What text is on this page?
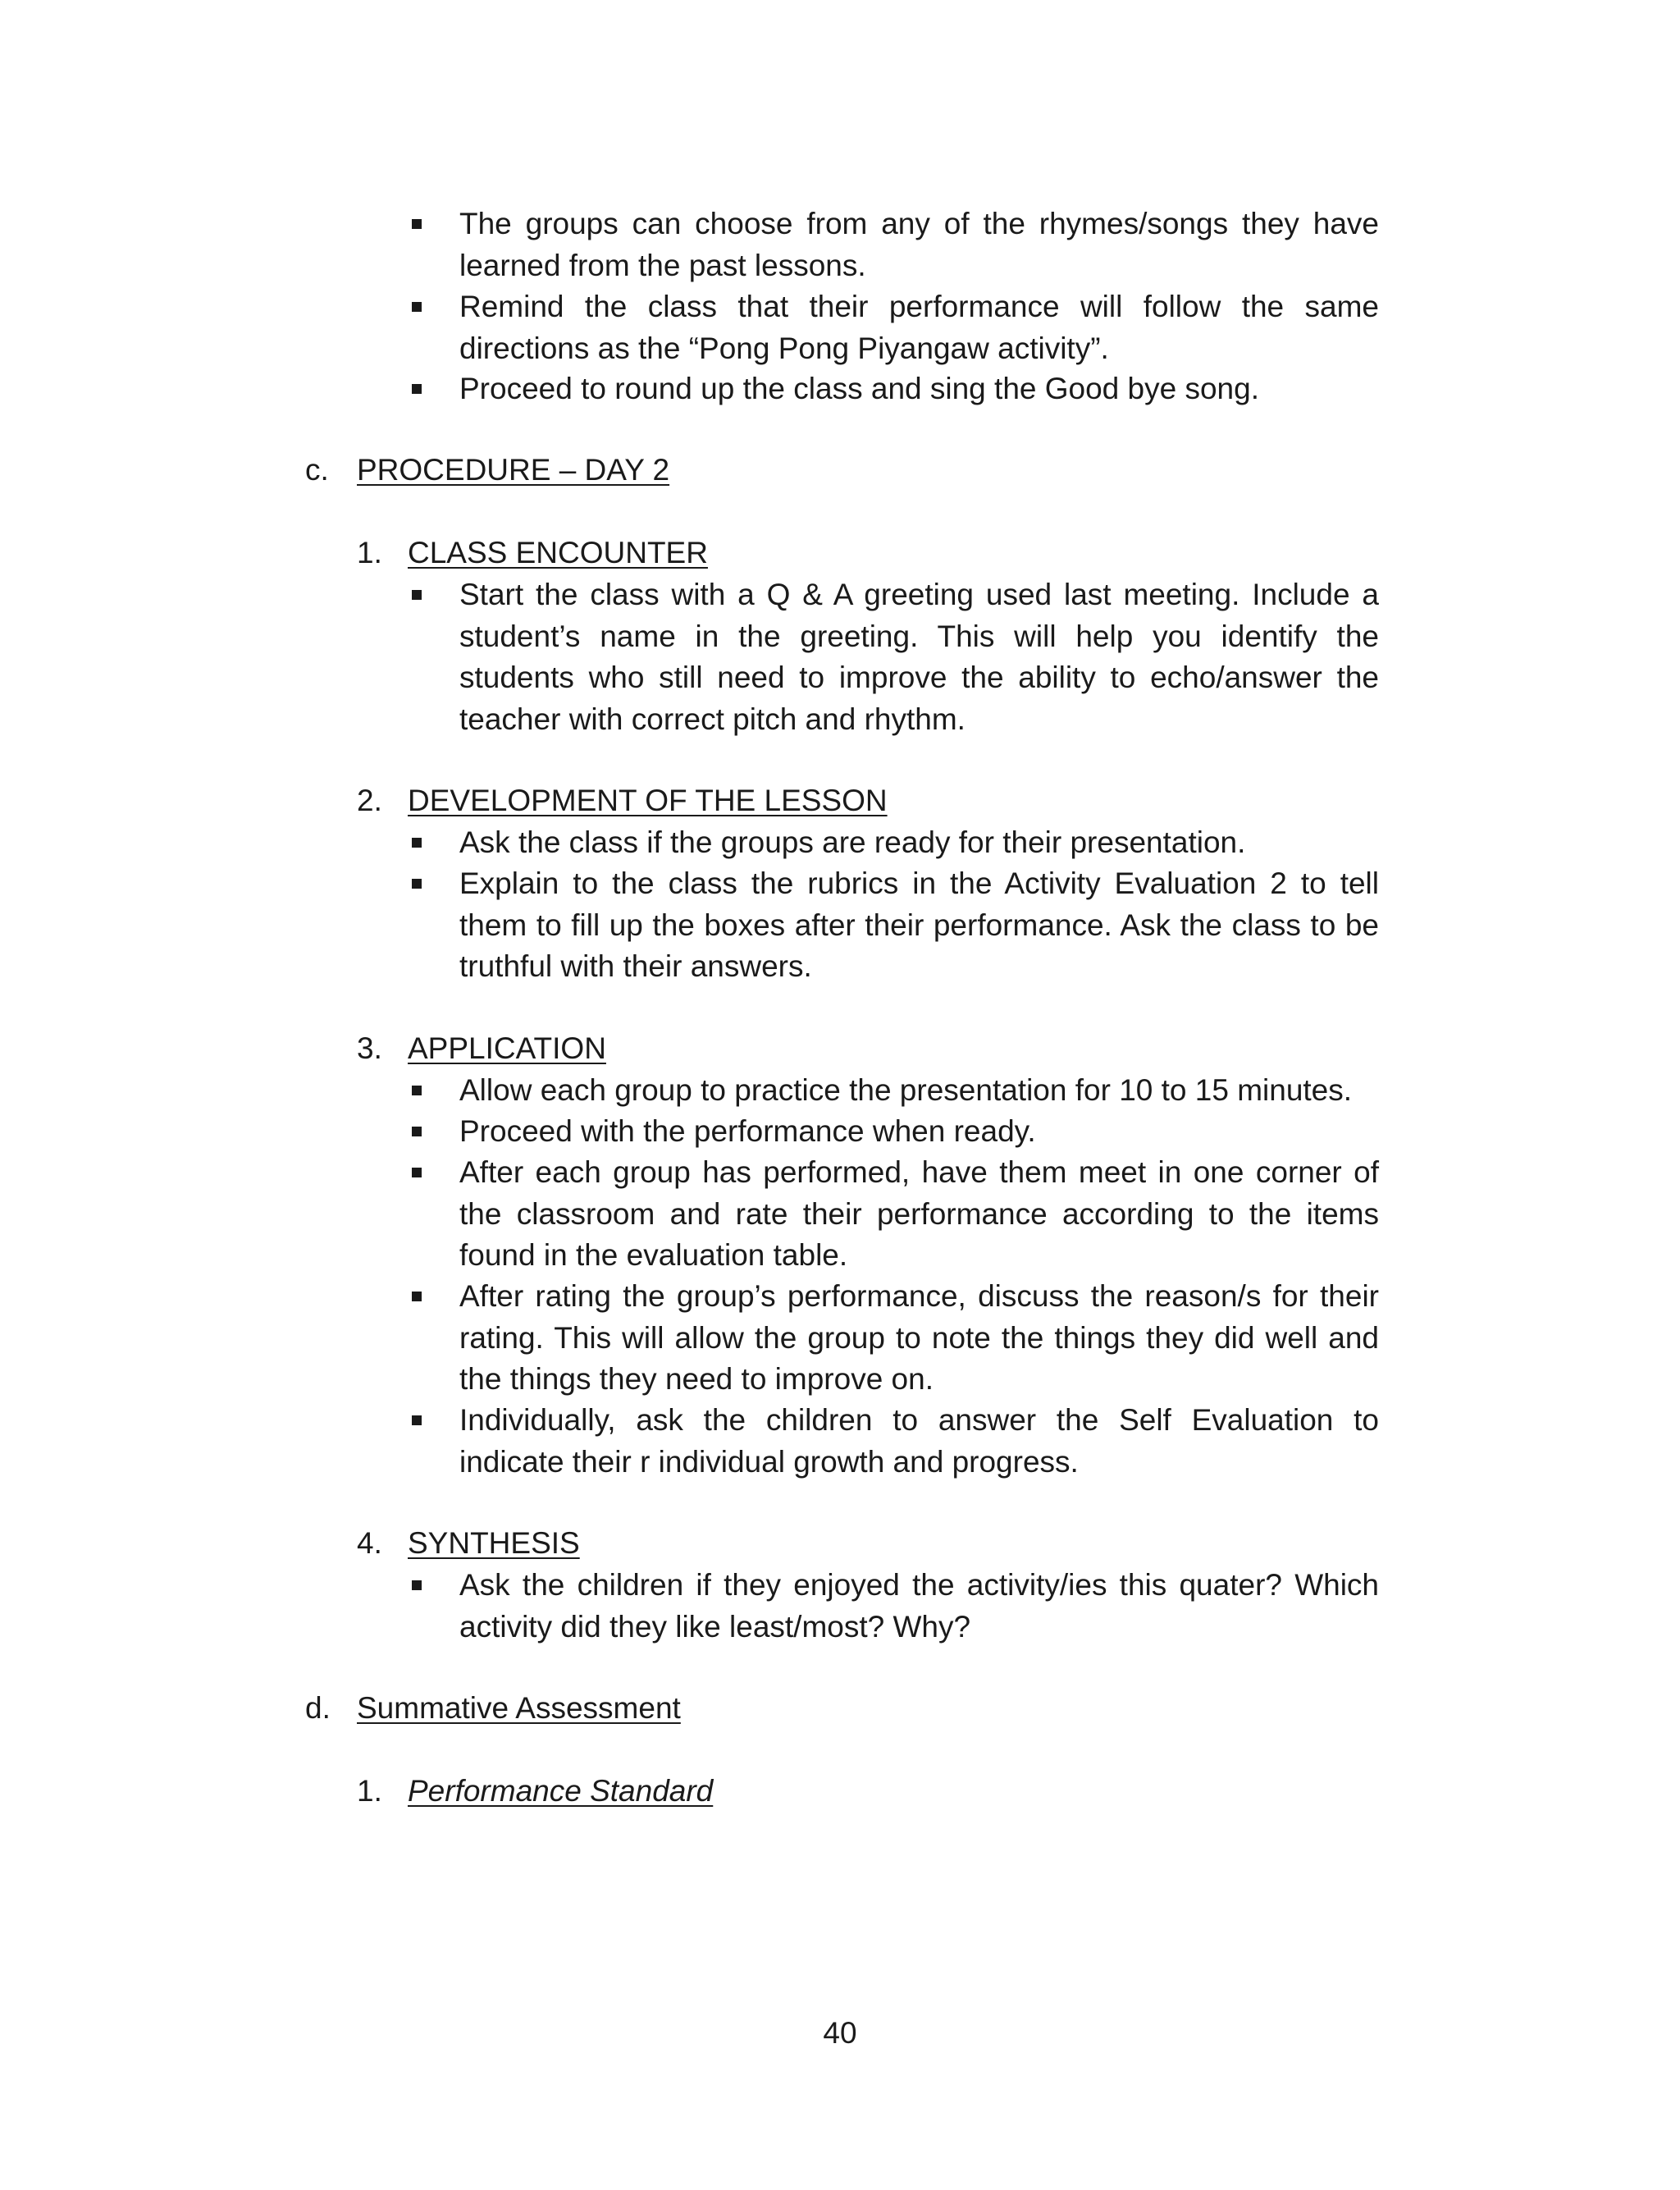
The groups can choose from any of the rhymes/songs they have learned from the past lessons.
Remind the class that their performance will follow the same directions as the “Pong Pong Piyangaw activity”.
Proceed to round up the class and sing the Good bye song.
c. PROCEDURE – DAY 2
1. CLASS ENCOUNTER
Start the class with a Q & A greeting used last meeting. Include a student’s name in the greeting. This will help you identify the students who still need to improve the ability to echo/answer the teacher with correct pitch and rhythm.
2. DEVELOPMENT OF THE LESSON
Ask the class if the groups are ready for their presentation.
Explain to the class the rubrics in the Activity Evaluation 2 to tell them to fill up the boxes after their performance. Ask the class to be truthful with their answers.
3. APPLICATION
Allow each group to practice the presentation for 10 to 15 minutes.
Proceed with the performance when ready.
After each group has performed, have them meet in one corner of the classroom and rate their performance according to the items found in the evaluation table.
After rating the group’s performance, discuss the reason/s for their rating. This will allow the group to note the things they did well and the things they need to improve on.
Individually, ask the children to answer the Self Evaluation to indicate their r individual growth and progress.
4. SYNTHESIS
Ask the children if they enjoyed the activity/ies this quater? Which activity did they like least/most? Why?
d. Summative Assessment
1. Performance Standard
40
